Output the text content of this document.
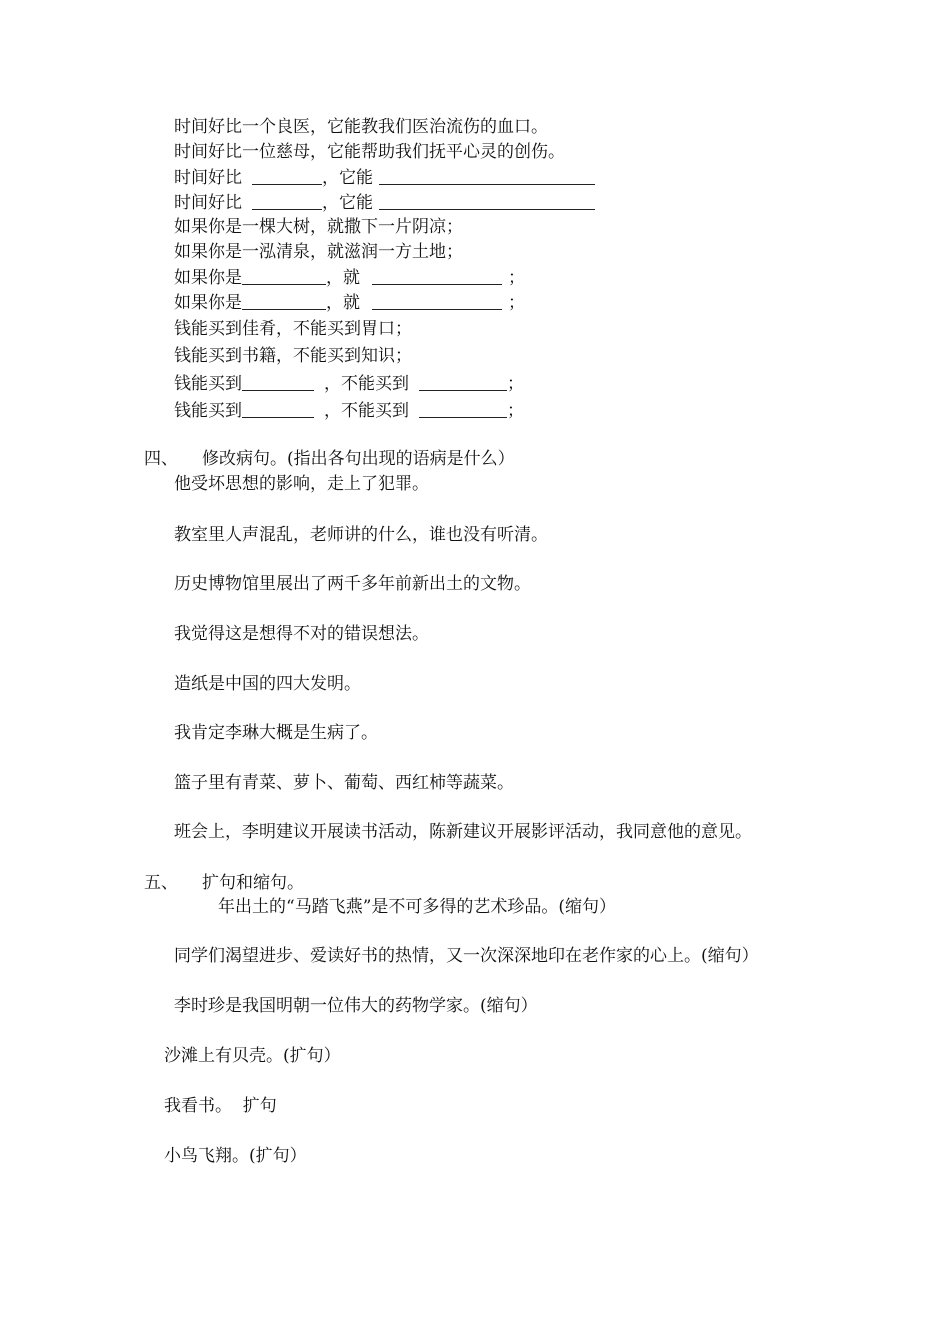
时间好比一个良医，它能教我们医治流伤的血口。
时间好比一位慈母，它能帮助我们抚平心灵的创伤。
时间好比	，它能
时间好比	，它能
如果你是一棵大树，就撒下一片阴凉；
如果你是一泓清泉，就滋润一方土地；
如果你是	，就	；
如果你是	，就	；
钱能买到佳肴，不能买到胃口；
钱能买到书籍，不能买到知识；
钱能买到	，不能买到	；
钱能买到	，不能买到	；
四、 修改病句。(指出各句出现的语病是什么）
他受坏思想的影响，走上了犯罪。
教室里人声混乱，老师讲的什么，谁也没有听清。
历史博物馆里展出了两千多年前新出土的文物。
我觉得这是想得不对的错误想法。
造纸是中国的四大发明。
我肯定李琳大概是生病了。
篮子里有青菜、萝卜、葡萄、西红柿等蔬菜。
班会上，李明建议开展读书活动，陈新建议开展影评活动，我同意他的意见。
五、 扩句和缩句。
年出土的“马踏飞燕”是不可多得的艺术珍品。(缩句）
同学们渴望进步、爱读好书的热情，又一次深深地印在老作家的心上。(缩句）
李时珍是我国明朝一位伟大的药物学家。(缩句）
沙滩上有贝壳。(扩句）
我看书。  扩句
小鸟飞翔。(扩句）
